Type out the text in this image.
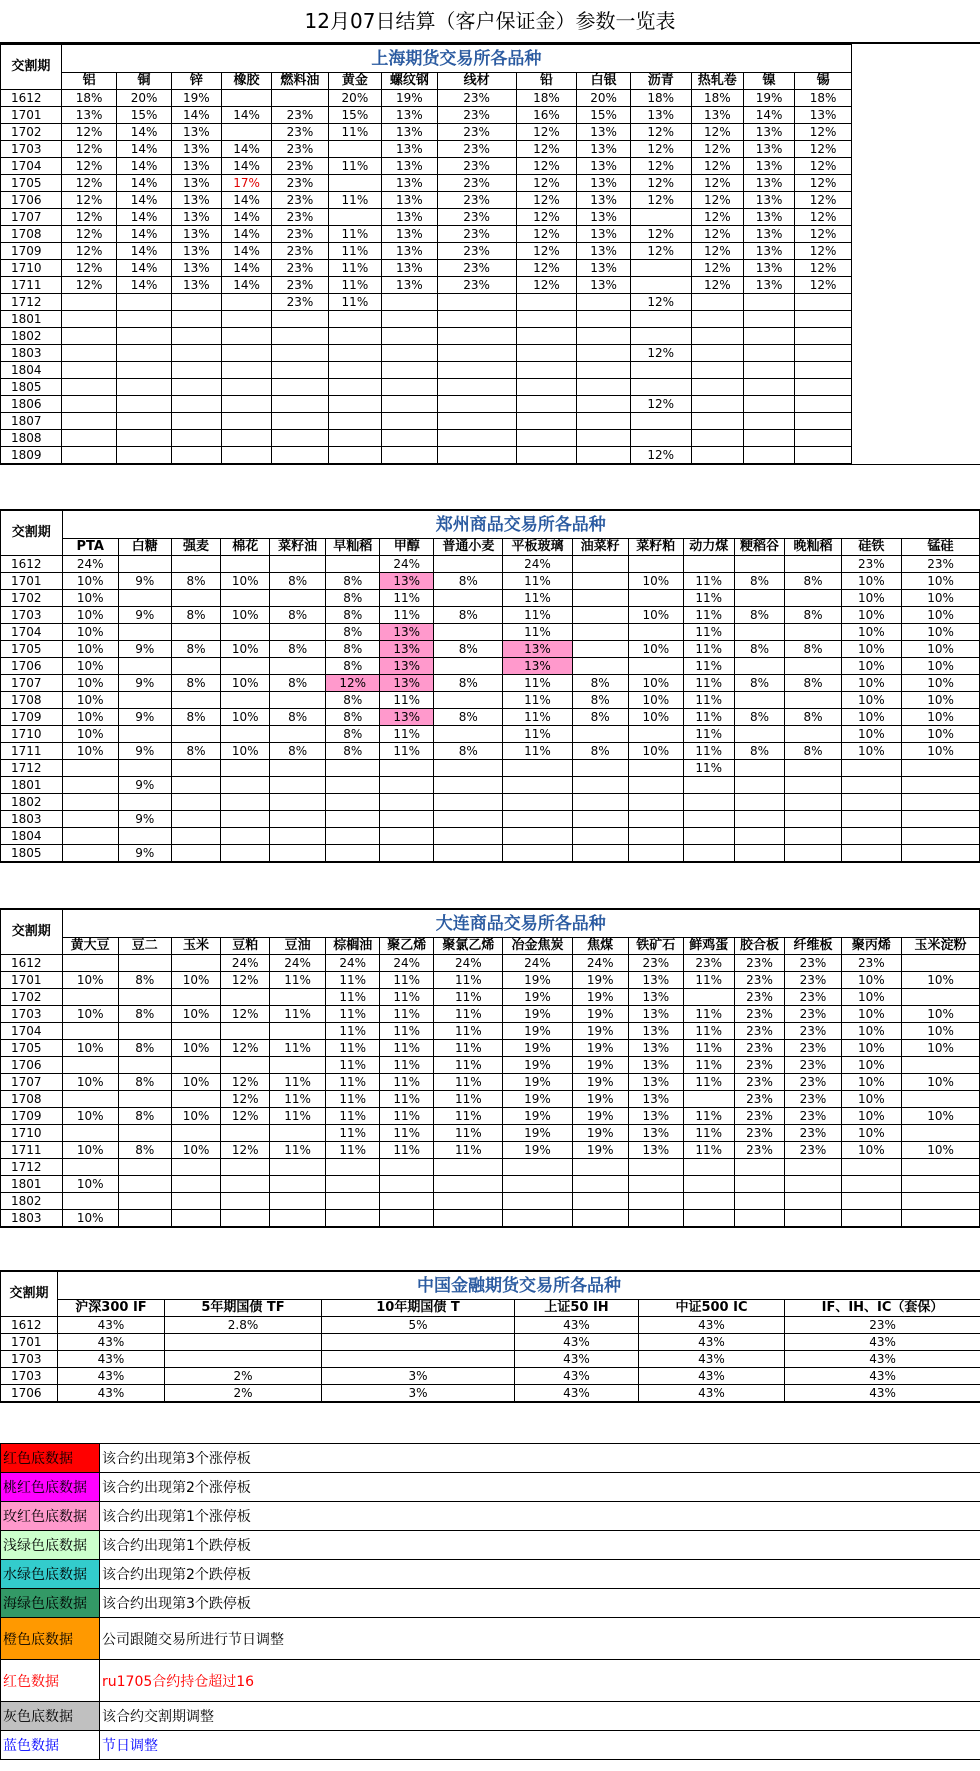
12月07日结算（客户保证金）参数一览表
交割期	上海期货交易所各品种													
	铝	铜	锌	橡胶	燃料油	黄金	螺纹钢	线材	铅	白银	沥青	热轧卷	镍	锡
1612	18%	20%	19%			20%	19%	23%	18%	20%	18%	18%	19%	18%
1701	13%	15%	14%	14%	23%	15%	13%	23%	16%	15%	13%	13%	14%	13%
1702	12%	14%	13%		23%	11%	13%	23%	12%	13%	12%	12%	13%	12%
1703	12%	14%	13%	14%	23%		13%	23%	12%	13%	12%	12%	13%	12%
1704	12%	14%	13%	14%	23%	11%	13%	23%	12%	13%	12%	12%	13%	12%
1705	12%	14%	13%	17%	23%		13%	23%	12%	13%	12%	12%	13%	12%
1706	12%	14%	13%	14%	23%	11%	13%	23%	12%	13%	12%	12%	13%	12%
1707	12%	14%	13%	14%	23%		13%	23%	12%	13%		12%	13%	12%
1708	12%	14%	13%	14%	23%	11%	13%	23%	12%	13%	12%	12%	13%	12%
1709	12%	14%	13%	14%	23%	11%	13%	23%	12%	13%	12%	12%	13%	12%
1710	12%	14%	13%	14%	23%	11%	13%	23%	12%	13%		12%	13%	12%
1711	12%	14%	13%	14%	23%	11%	13%	23%	12%	13%		12%	13%	12%
1712					23%	11%					12%			
1801														
1802														
1803											12%			
1804														
1805														
1806											12%			
1807														
1808														
1809											12%			
交割期	郑州商品交易所各品种															
	PTA	白糖	强麦	棉花	菜籽油	早籼稻	甲醇	普通小麦	平板玻璃	油菜籽	菜籽粕	动力煤	粳稻谷	晚籼稻	硅铁	锰硅
1612	24%						24%		24%						23%	23%
1701	10%	9%	8%	10%	8%	8%	13%	8%	11%		10%	11%	8%	8%	10%	10%
1702	10%					8%	11%		11%			11%			10%	10%
1703	10%	9%	8%	10%	8%	8%	11%	8%	11%		10%	11%	8%	8%	10%	10%
1704	10%					8%	13%		11%			11%			10%	10%
1705	10%	9%	8%	10%	8%	8%	13%	8%	13%		10%	11%	8%	8%	10%	10%
1706	10%					8%	13%		13%			11%			10%	10%
1707	10%	9%	8%	10%	8%	12%	13%	8%	11%	8%	10%	11%	8%	8%	10%	10%
1708	10%					8%	11%		11%	8%	10%	11%			10%	10%
1709	10%	9%	8%	10%	8%	8%	13%	8%	11%	8%	10%	11%	8%	8%	10%	10%
1710	10%					8%	11%		11%			11%			10%	10%
1711	10%	9%	8%	10%	8%	8%	11%	8%	11%	8%	10%	11%	8%	8%	10%	10%
1712												11%				
1801		9%														
1802																
1803		9%														
1804																
1805		9%														
交割期	大连商品交易所各品种															
	黄大豆	豆二	玉米	豆粕	豆油	棕榈油	聚乙烯	聚氯乙烯	冶金焦炭	焦煤	铁矿石	鲜鸡蛋	胶合板	纤维板	聚丙烯	玉米淀粉
1612				24%	24%	24%	24%	24%	24%	24%	23%	23%	23%	23%	23%	
1701	10%	8%	10%	12%	11%	11%	11%	11%	19%	19%	13%	11%	23%	23%	10%	10%
1702						11%	11%	11%	19%	19%	13%		23%	23%	10%	
1703	10%	8%	10%	12%	11%	11%	11%	11%	19%	19%	13%	11%	23%	23%	10%	10%
1704						11%	11%	11%	19%	19%	13%	11%	23%	23%	10%	10%
1705	10%	8%	10%	12%	11%	11%	11%	11%	19%	19%	13%	11%	23%	23%	10%	10%
1706						11%	11%	11%	19%	19%	13%	11%	23%	23%	10%	
1707	10%	8%	10%	12%	11%	11%	11%	11%	19%	19%	13%	11%	23%	23%	10%	10%
1708				12%	11%	11%	11%	11%	19%	19%	13%		23%	23%	10%	
1709	10%	8%	10%	12%	11%	11%	11%	11%	19%	19%	13%	11%	23%	23%	10%	10%
1710						11%	11%	11%	19%	19%	13%	11%	23%	23%	10%	
1711	10%	8%	10%	12%	11%	11%	11%	11%	19%	19%	13%	11%	23%	23%	10%	10%
1712																
1801	10%															
1802																
1803	10%															
交割期	中国金融期货交易所各品种					
	沪深300 IF	5年期国债 TF	10年期国债 T	上证50 IH	中证500 IC	IF、IH、IC（套保）
1612	43%	2.8%	5%	43%	43%	23%
1701	43%			43%	43%	43%
1703	43%			43%	43%	43%
1703	43%	2%	3%	43%	43%	43%
1706	43%	2%	3%	43%	43%	43%
红色底数据	该合约出现第3个涨停板
桃红色底数据	该合约出现第2个涨停板
玫红色底数据	该合约出现第1个涨停板
浅绿色底数据	该合约出现第1个跌停板
水绿色底数据	该合约出现第2个跌停板
海绿色底数据	该合约出现第3个跌停板
橙色底数据	公司跟随交易所进行节日调整
红色数据	ru1705合约持仓超过16
灰色底数据	该合约交割期调整
蓝色数据	节日调整
